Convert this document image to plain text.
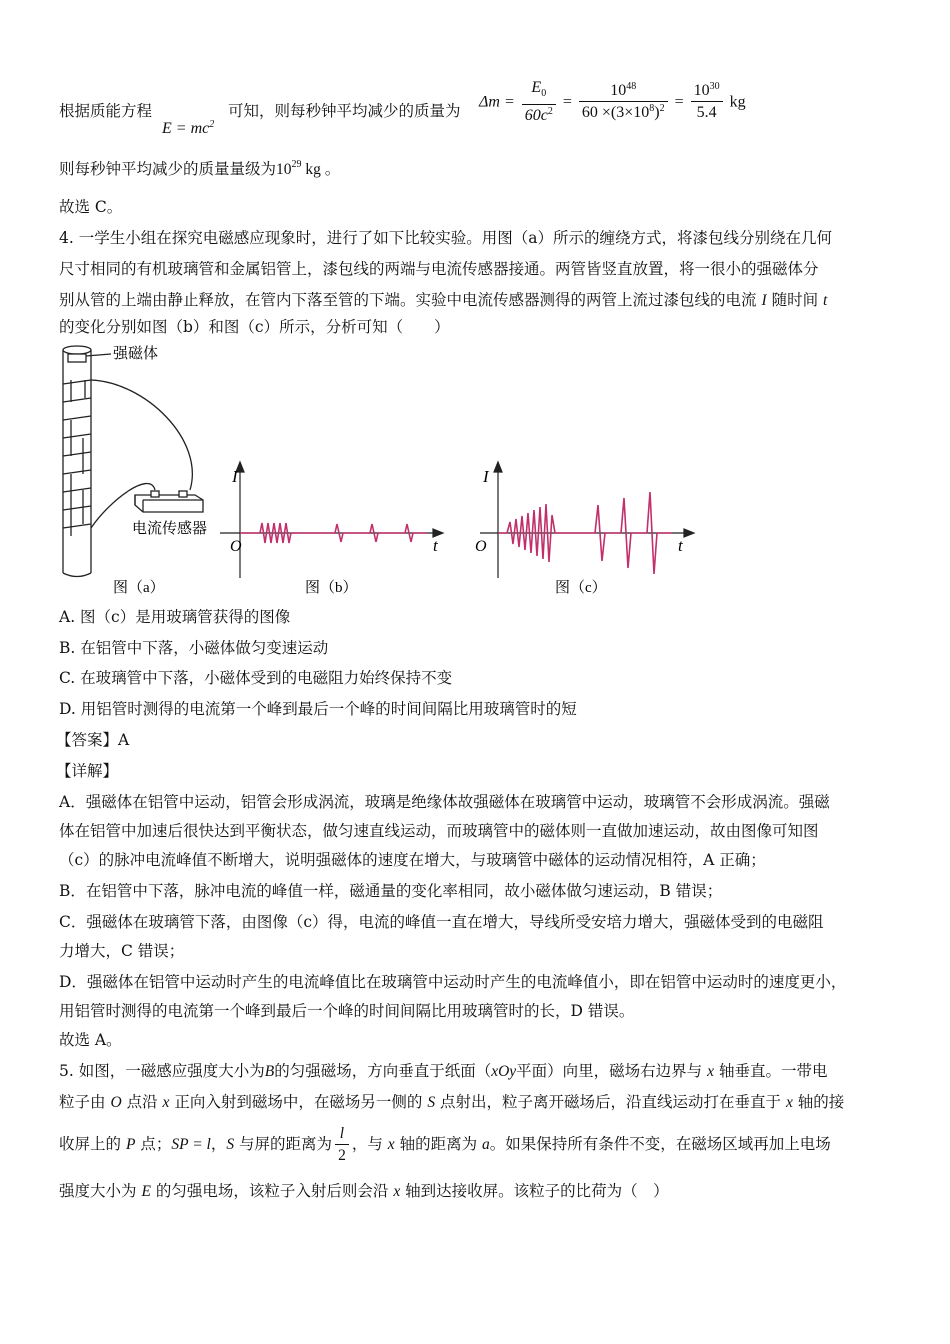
根据质能方程
$E = mc^2$
可知，则每秒钟平均减少的质量为 $\Delta m = \frac{E_0}{60c^2} = \frac{10^{48}}{60 \times(3\times 10^8)^2} = \frac{10^{30}}{5.4}$ kg
则每秒钟平均减少的质量量级为$10^{29}$ kg 。
故选 C。
4. 一学生小组在探究电磁感应现象时，进行了如下比较实验。用图（a）所示的缠绕方式，将漆包线分别绕在几何
尺寸相同的有机玻璃管和金属铝管上，漆包线的两端与电流传感器接通。两管皆竖直放置，将一很小的强磁体分
别从管的上端由静止释放，在管内下落至管的下端。实验中电流传感器测得的两管上流过漆包线的电流 I 随时间 t
的变化分别如图（b）和图（c）所示，分析可知（　　）
强磁体
电流传感器
图（a）
I
t
O
图（b）
I
t
O
图（c）
A. 图（c）是用玻璃管获得的图像
B. 在铝管中下落，小磁体做匀变速运动
C. 在玻璃管中下落，小磁体受到的电磁阻力始终保持不变
D. 用铝管时测得的电流第一个峰到最后一个峰的时间间隔比用玻璃管时的短
【答案】A
【详解】
A．强磁体在铝管中运动，铝管会形成涡流，玻璃是绝缘体故强磁体在玻璃管中运动，玻璃管不会形成涡流。强磁
体在铝管中加速后很快达到平衡状态，做匀速直线运动，而玻璃管中的磁体则一直做加速运动，故由图像可知图
（c）的脉冲电流峰值不断增大，说明强磁体的速度在增大，与玻璃管中磁体的运动情况相符，A 正确；
B．在铝管中下落，脉冲电流的峰值一样，磁通量的变化率相同，故小磁体做匀速运动，B 错误；
C．强磁体在玻璃管下落，由图像（c）得，电流的峰值一直在增大，导线所受安培力增大，强磁体受到的电磁阻
力增大，C 错误；
D．强磁体在铝管中运动时产生的电流峰值比在玻璃管中运动时产生的电流峰值小，即在铝管中运动时的速度更小，
用铝管时测得的电流第一个峰到最后一个峰的时间间隔比用玻璃管时的长，D 错误。
故选 A。
5. 如图，一磁感应强度大小为B的匀强磁场，方向垂直于纸面（xOy平面）向里，磁场右边界与 x 轴垂直。一带电
粒子由 O 点沿 x 正向入射到磁场中，在磁场另一侧的 S 点射出，粒子离开磁场后，沿直线运动打在垂直于 x 轴的接
收屏上的 P 点；SP = l，S 与屏的距离为 $\frac{l}{2}$ ，与 x 轴的距离为 a。如果保持所有条件不变，在磁场区域再加上电场
强度大小为 E 的匀强电场，该粒子入射后则会沿 x 轴到达接收屏。该粒子的比荷为（　）
